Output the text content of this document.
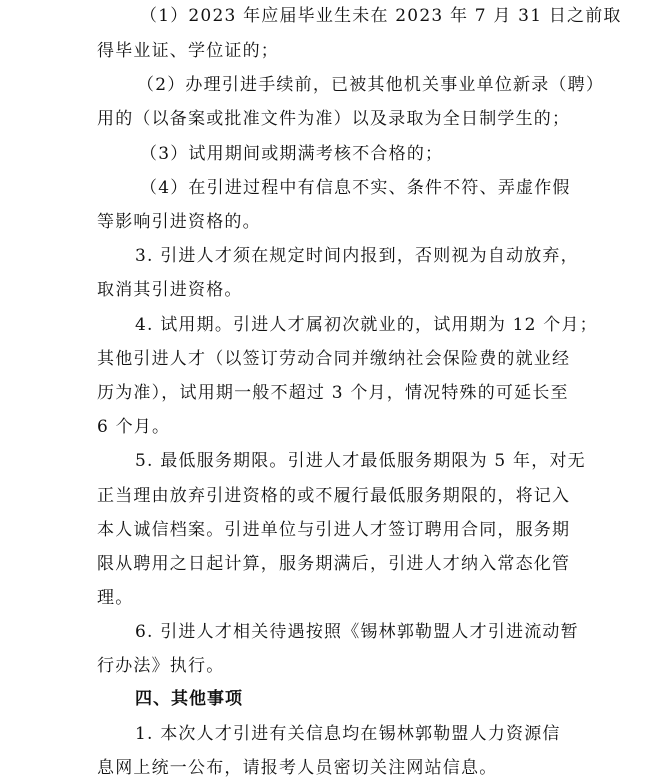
（1）2023 年应届毕业生未在 2023 年 7 月 31 日之前取
得毕业证、学位证的；
（2）办理引进手续前，已被其他机关事业单位新录（聘）
用的（以备案或批准文件为准）以及录取为全日制学生的；
（3）试用期间或期满考核不合格的；
（4）在引进过程中有信息不实、条件不符、弄虚作假
等影响引进资格的。
3. 引进人才须在规定时间内报到，否则视为自动放弃，
取消其引进资格。
4. 试用期。引进人才属初次就业的，试用期为 12 个月；
其他引进人才（以签订劳动合同并缴纳社会保险费的就业经
历为准），试用期一般不超过 3 个月，情况特殊的可延长至
6 个月。
5. 最低服务期限。引进人才最低服务期限为 5 年，对无
正当理由放弃引进资格的或不履行最低服务期限的，将记入
本人诚信档案。引进单位与引进人才签订聘用合同，服务期
限从聘用之日起计算，服务期满后，引进人才纳入常态化管
理。
6. 引进人才相关待遇按照《锡林郭勒盟人才引进流动暂
行办法》执行。
四、其他事项
1. 本次人才引进有关信息均在锡林郭勒盟人力资源信
息网上统一公布，请报考人员密切关注网站信息。
